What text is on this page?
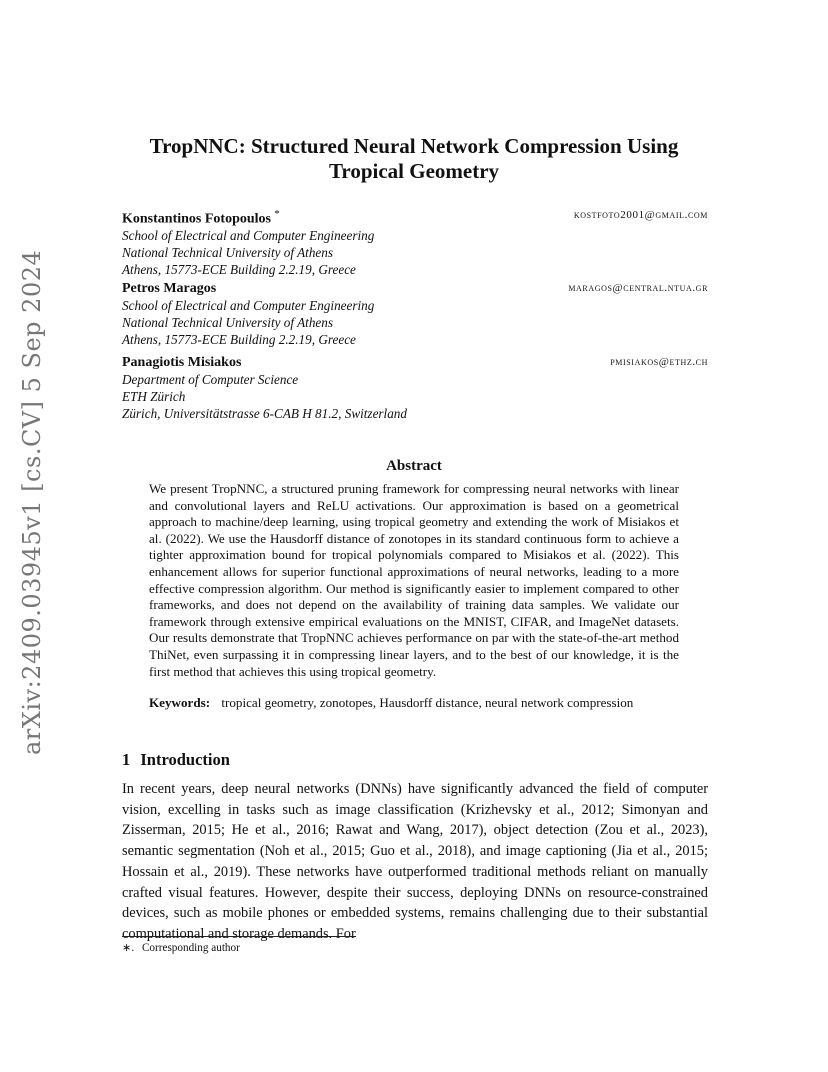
arXiv:2409.03945v1 [cs.CV] 5 Sep 2024
TropNNC: Structured Neural Network Compression Using
Tropical Geometry
Konstantinos Fotopoulos *	kostfoto2001@gmail.com
School of Electrical and Computer Engineering
National Technical University of Athens
Athens, 15773-ECE Building 2.2.19, Greece
Petros Maragos	maragos@central.ntua.gr
School of Electrical and Computer Engineering
National Technical University of Athens
Athens, 15773-ECE Building 2.2.19, Greece
Panagiotis Misiakos	pmisiakos@ethz.ch
Department of Computer Science
ETH Zürich
Zürich, Universitätstrasse 6-CAB H 81.2, Switzerland
Abstract
We present TropNNC, a structured pruning framework for compressing neural networks with linear and convolutional layers and ReLU activations. Our approximation is based on a geometrical approach to machine/deep learning, using tropical geometry and extending the work of Misiakos et al. (2022). We use the Hausdorff distance of zonotopes in its standard continuous form to achieve a tighter approximation bound for tropical polynomials compared to Misiakos et al. (2022). This enhancement allows for superior functional approximations of neural networks, leading to a more effective compression algorithm. Our method is significantly easier to implement compared to other frameworks, and does not depend on the availability of training data samples. We validate our framework through extensive empirical evaluations on the MNIST, CIFAR, and ImageNet datasets. Our results demonstrate that TropNNC achieves performance on par with the state-of-the-art method ThiNet, even surpassing it in compressing linear layers, and to the best of our knowledge, it is the first method that achieves this using tropical geometry.
Keywords: tropical geometry, zonotopes, Hausdorff distance, neural network compression
1 Introduction
In recent years, deep neural networks (DNNs) have significantly advanced the field of computer vision, excelling in tasks such as image classification (Krizhevsky et al., 2012; Simonyan and Zisserman, 2015; He et al., 2016; Rawat and Wang, 2017), object detection (Zou et al., 2023), semantic segmentation (Noh et al., 2015; Guo et al., 2018), and image captioning (Jia et al., 2015; Hossain et al., 2019). These networks have outperformed traditional methods reliant on manually crafted visual features. However, despite their success, deploying DNNs on resource-constrained devices, such as mobile phones or embedded systems, remains challenging due to their substantial computational and storage demands. For
∗. Corresponding author
